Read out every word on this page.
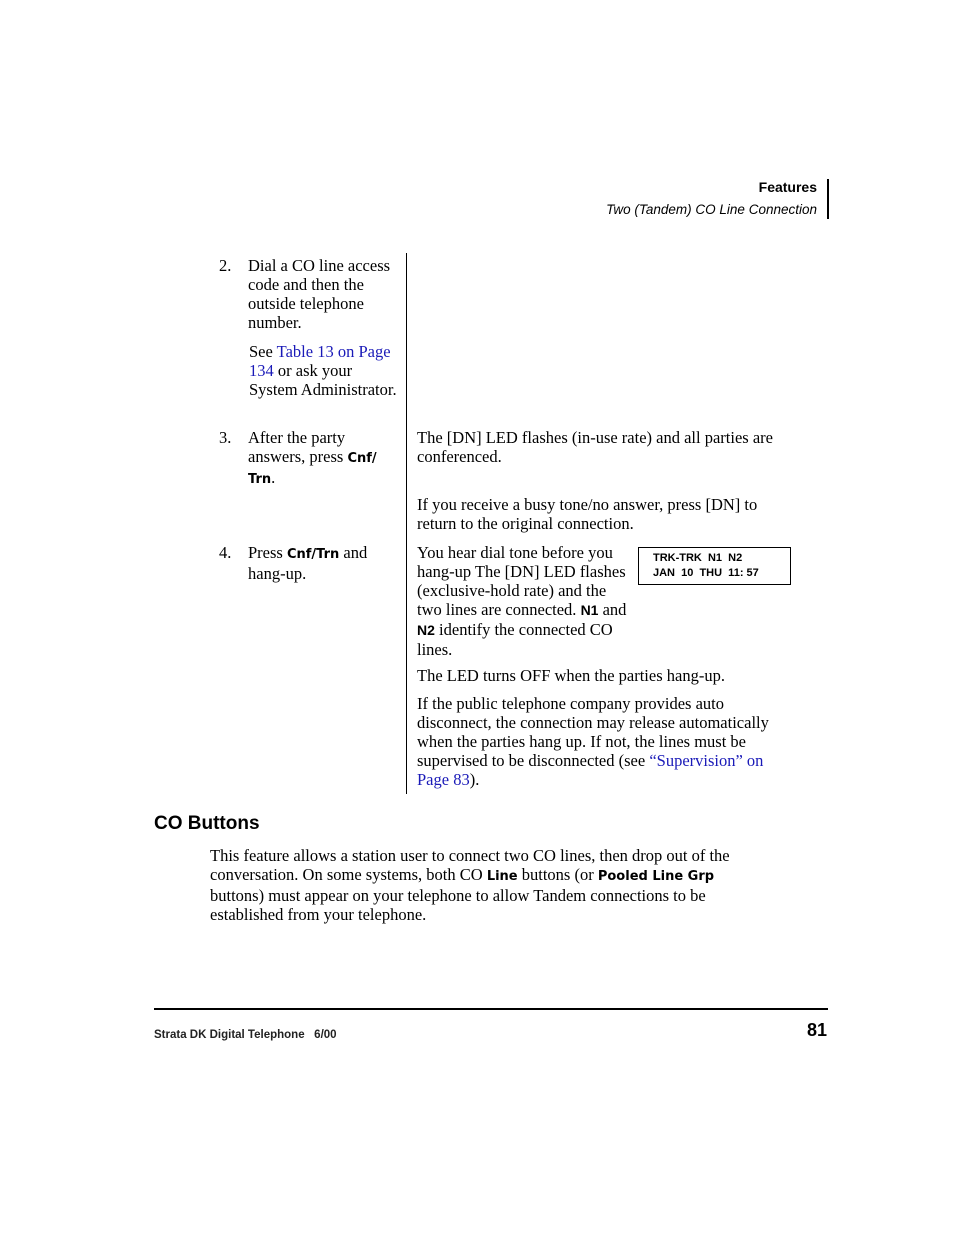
Features
Two (Tandem) CO Line Connection
2. Dial a CO line access code and then the outside telephone number.
See Table 13 on Page 134 or ask your System Administrator.
3. After the party answers, press Cnf/ Trn.
The [DN] LED flashes (in-use rate) and all parties are conferenced.
If you receive a busy tone/no answer, press [DN] to return to the original connection.
4. Press Cnf/Trn and hang-up.
You hear dial tone before you hang-up The [DN] LED flashes (exclusive-hold rate) and the two lines are connected. N1 and N2 identify the connected CO lines.
TRK-TRK  N1  N2
JAN  10  THU  11: 57
The LED turns OFF when the parties hang-up.
If the public telephone company provides auto disconnect, the connection may release automatically when the parties hang up. If not, the lines must be supervised to be disconnected (see “Supervision” on Page 83).
CO Buttons
This feature allows a station user to connect two CO lines, then drop out of the conversation. On some systems, both CO Line buttons (or Pooled Line Grp buttons) must appear on your telephone to allow Tandem connections to be established from your telephone.
Strata DK Digital Telephone   6/00	81
